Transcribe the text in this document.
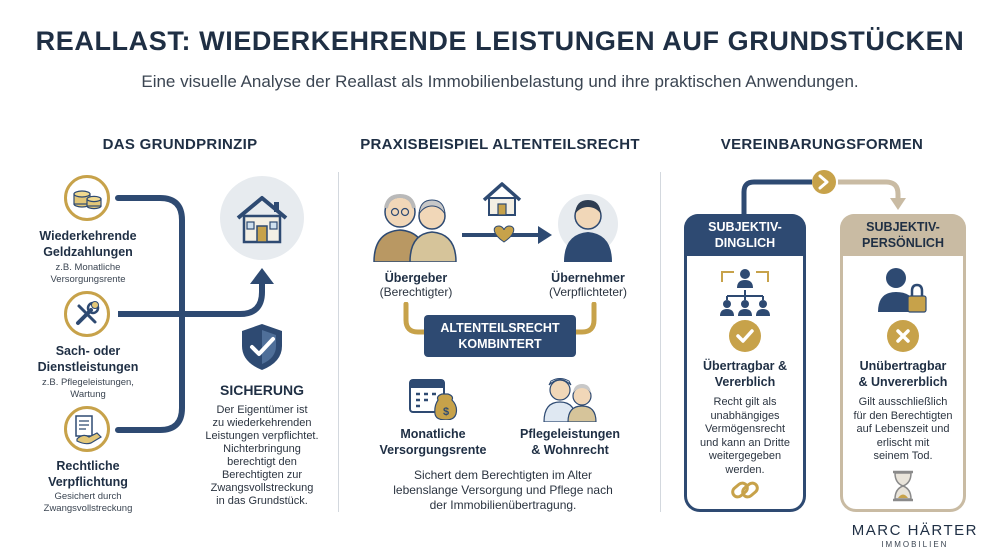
REALLAST: WIEDERKEHRENDE LEISTUNGEN AUF GRUNDSTÜCKEN
Eine visuelle Analyse der Reallast als Immobilienbelastung und ihre praktischen Anwendungen.
DAS GRUNDPRINZIP
Wiederkehrende
Geldzahlungen
z.B. Monatliche
Versorgungsrente
Sach- oder
Dienstleistungen
z.B. Pflegeleistungen,
Wartung
Rechtliche
Verpflichtung
Gesichert durch
Zwangsvollstreckung
SICHERUNG
Der Eigentümer ist
zu wiederkehrenden
Leistungen verpflichtet.
Nichterbringung
berechtigt den
Berechtigten zur
Zwangsvollstreckung
in das Grundstück.
PRAXISBEISPIEL ALTENTEILSRECHT
Übergeber
(Berechtigter)
Übernehmer
(Verpflichteter)
ALTENTEILSRECHT
KOMBINTERT
$
Monatliche
Versorgungsrente
Pflegeleistungen
& Wohnrecht
Sichert dem Berechtigten im Alter
lebenslange Versorgung und Pflege nach
der Immobilienübertragung.
VEREINBARUNGSFORMEN
SUBJEKTIV-
DINGLICH
Übertragbar &
Vererblich
Recht gilt als
unabhängiges
Vermögensrecht
und kann an Dritte
weitergegeben
werden.
SUBJEKTIV-
PERSÖNLICH
Unübertragbar
& Unvererblich
Gilt ausschließlich
für den Berechtigten
auf Lebenszeit und
erlischt mit
seinem Tod.
MARC HÄRTER
IMMOBILIEN
